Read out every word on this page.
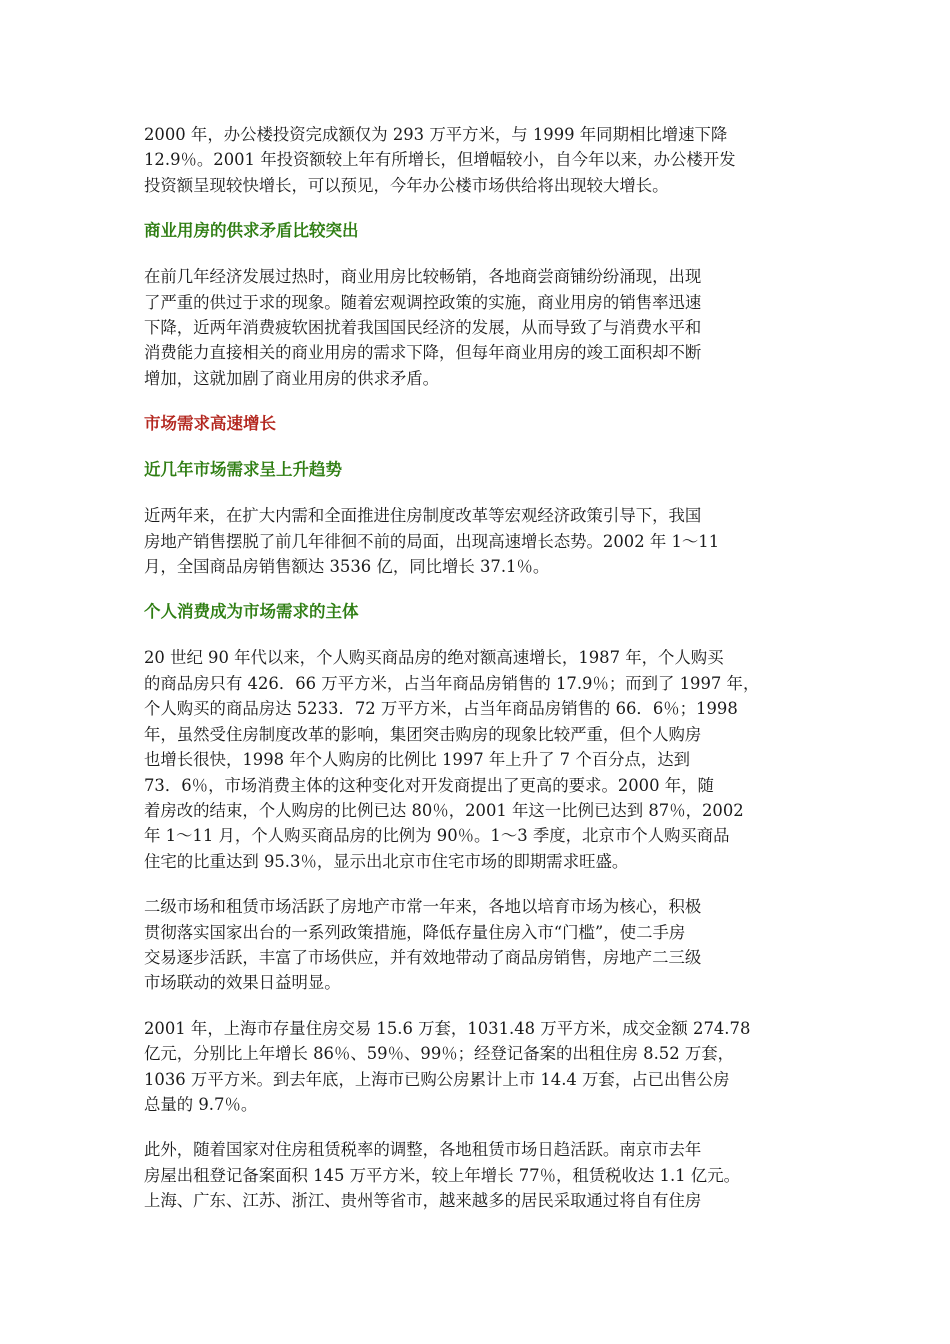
2000 年，办公楼投资完成额仅为 293 万平方米，与 1999 年同期相比增速下降
12.9％。2001 年投资额较上年有所增长，但增幅较小，自今年以来，办公楼开发
投资额呈现较快增长，可以预见，今年办公楼市场供给将出现较大增长。

商业用房的供求矛盾比较突出

在前几年经济发展过热时，商业用房比较畅销，各地商尝商铺纷纷涌现，出现
了严重的供过于求的现象。随着宏观调控政策的实施，商业用房的销售率迅速
下降，近两年消费疲软困扰着我国国民经济的发展，从而导致了与消费水平和
消费能力直接相关的商业用房的需求下降，但每年商业用房的竣工面积却不断
增加，这就加剧了商业用房的供求矛盾。

市场需求高速增长
近几年市场需求呈上升趋势

近两年来，在扩大内需和全面推进住房制度改革等宏观经济政策引导下，我国
房地产销售摆脱了前几年徘徊不前的局面，出现高速增长态势。2002 年 1～11
月，全国商品房销售额达 3536 亿，同比增长 37.1％。

个人消费成为市场需求的主体

20 世纪 90 年代以来，个人购买商品房的绝对额高速增长，1987 年，个人购买
的商品房只有 426．66 万平方米，占当年商品房销售的 17.9％；而到了 1997 年，
个人购买的商品房达 5233．72 万平方米，占当年商品房销售的 66．6％；1998
年，虽然受住房制度改革的影响，集团突击购房的现象比较严重，但个人购房
也增长很快，1998 年个人购房的比例比 1997 年上升了 7 个百分点，达到
73．6％，市场消费主体的这种变化对开发商提出了更高的要求。2000 年，随
着房改的结束，个人购房的比例已达 80％，2001 年这一比例已达到 87％，2002
年 1～11 月，个人购买商品房的比例为 90％。1～3 季度，北京市个人购买商品
住宅的比重达到 95.3％，显示出北京市住宅市场的即期需求旺盛。

二级市场和租赁市场活跃了房地产市常一年来，各地以培育市场为核心，积极
贯彻落实国家出台的一系列政策措施，降低存量住房入市“门槛”，使二手房
交易逐步活跃，丰富了市场供应，并有效地带动了商品房销售，房地产二三级
市场联动的效果日益明显。

2001 年，上海市存量住房交易 15.6 万套，1031.48 万平方米，成交金额 274.78
亿元，分别比上年增长 86％、59％、99％；经登记备案的出租住房 8.52 万套，
1036 万平方米。到去年底，上海市已购公房累计上市 14.4 万套，占已出售公房
总量的 9.7％。

此外，随着国家对住房租赁税率的调整，各地租赁市场日趋活跃。南京市去年
房屋出租登记备案面积 145 万平方米，较上年增长 77％，租赁税收达 1.1 亿元。
上海、广东、江苏、浙江、贵州等省市，越来越多的居民采取通过将自有住房
